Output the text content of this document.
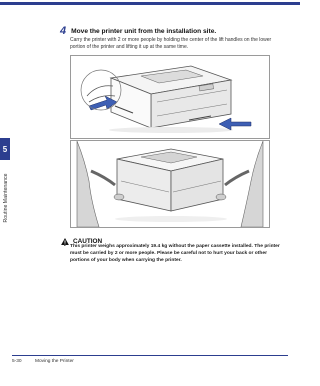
5
Routine Maintenance
4 Move the printer unit from the installation site.
Carry the printer with 2 or more people by holding the center of the lift handles on the lower portion of the printer and lifting it up at the same time.
CAUTION
• This printer weighs approximately 19.4 kg without the paper cassette installed. The printer must be carried by 2 or more people. Please be careful not to hurt your back or other portions of your body when carrying the printer.
5-30	Moving the Printer
